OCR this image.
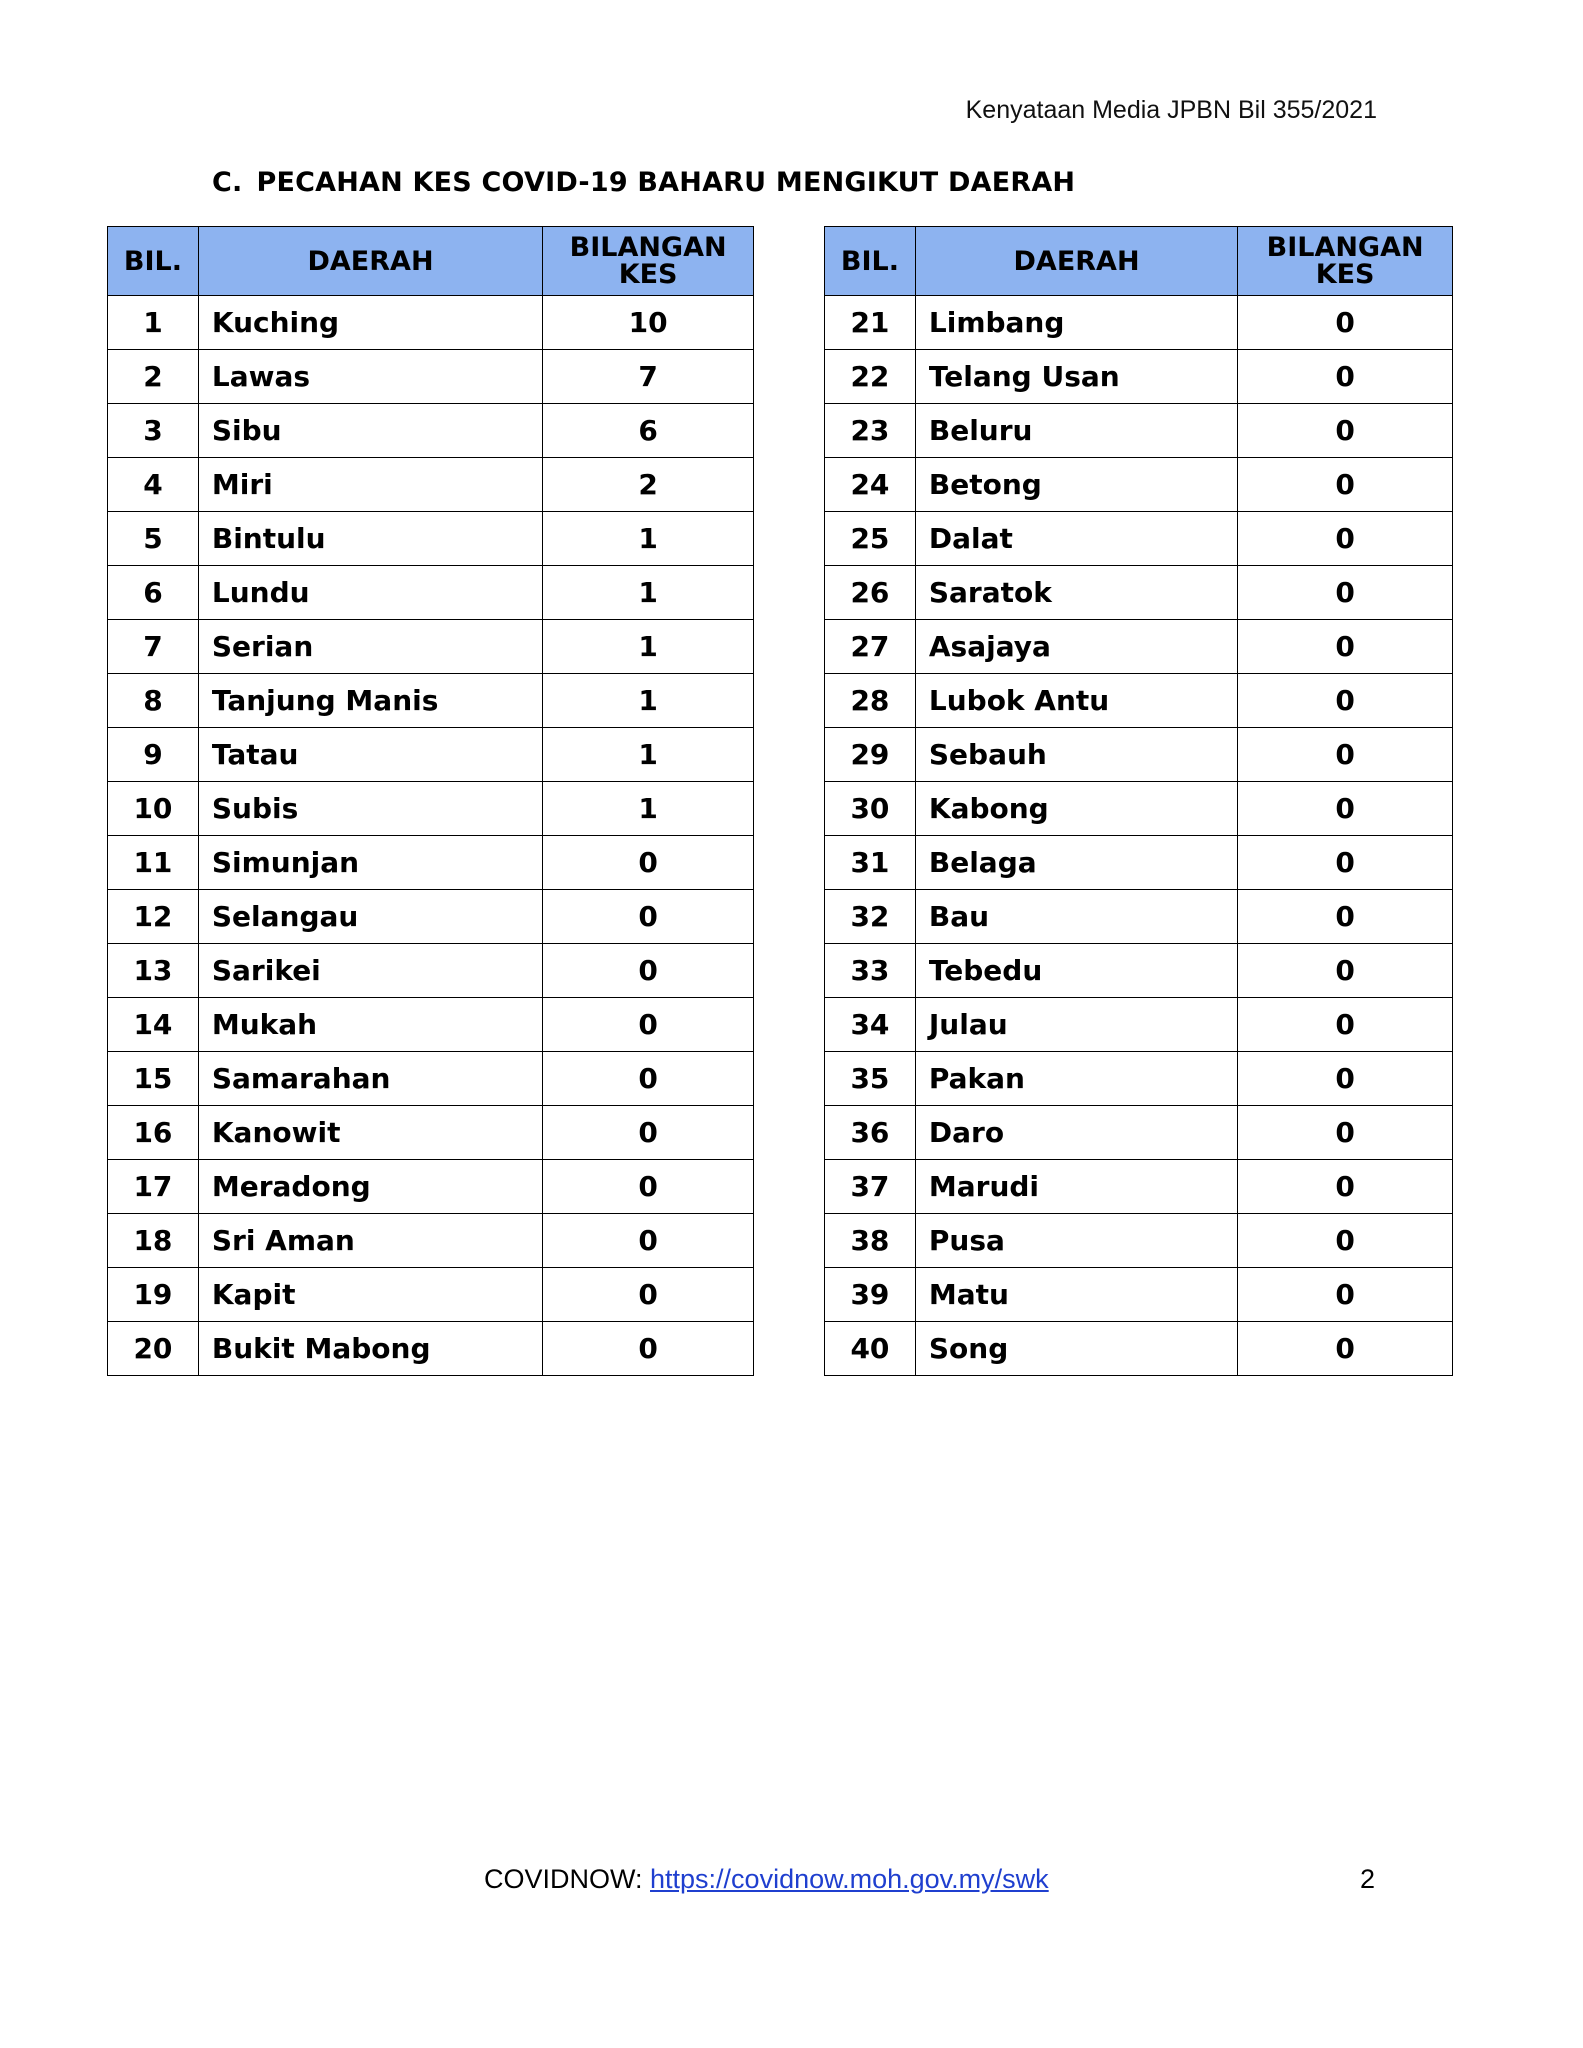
Kenyataan Media JPBN Bil 355/2021
C. PECAHAN KES COVID-19 BAHARU MENGIKUT DAERAH
BIL.	DAERAH	BILANGAN
KES
1	Kuching	10
2	Lawas	7
3	Sibu	6
4	Miri	2
5	Bintulu	1
6	Lundu	1
7	Serian	1
8	Tanjung Manis	1
9	Tatau	1
10	Subis	1
11	Simunjan	0
12	Selangau	0
13	Sarikei	0
14	Mukah	0
15	Samarahan	0
16	Kanowit	0
17	Meradong	0
18	Sri Aman	0
19	Kapit	0
20	Bukit Mabong	0
BIL.	DAERAH	BILANGAN
KES
21	Limbang	0
22	Telang Usan	0
23	Beluru	0
24	Betong	0
25	Dalat	0
26	Saratok	0
27	Asajaya	0
28	Lubok Antu	0
29	Sebauh	0
30	Kabong	0
31	Belaga	0
32	Bau	0
33	Tebedu	0
34	Julau	0
35	Pakan	0
36	Daro	0
37	Marudi	0
38	Pusa	0
39	Matu	0
40	Song	0
COVIDNOW: https://covidnow.moh.gov.my/swk	2
